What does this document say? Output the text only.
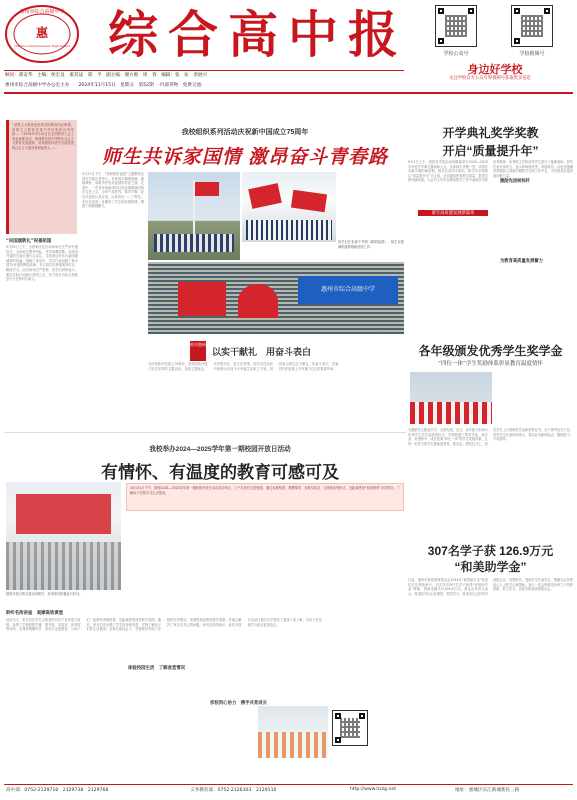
惠
惠州市综合高级中学
Huizhou Comprehensive High School 综合高中报	学校公众号	学校视频号
身边好学校
关注学校官方公众号和视频号获取更多信息
顾问：郑安华　主编：侯宏良　康其法　郑　平　副主编：谢方惠　周　春　编辑：张　坊　余展兴
惠州市综合高级中学办公室主办　　2024年11月15日　星期五　第52期　·内部刊物　免费交流·
“爱国主义教育是世界各国教育的必修课，爱国主义教育也是中华民族的优秀传统……”2018年9月10日在全国教育大会上发表重要讲话，强调要坚持中国特色社会主义教育发展道路，培养德智体美劳全面发展的社会主义建设者和接班人……
“向国旗敬礼”祝福祖国
9月30日上午，全校师生在运动场举行庄严的升旗仪式，全体师生整齐列队，齐声高唱国歌，向冉冉升起的五星红旗行注目礼，共同表达对伟大祖国最诚挚的祝福。国旗下讲话中，学生代表回顾了新中国75年来的辉煌成就，号召同学们珍惜美好时光，勤奋学习。活动现场庄严肃穆，同学们纷纷表示，要以实际行动践行爱国之志，努力成长为担当民族复兴大任的时代新人。
我校组织系列活动庆祝新中国成立75周年
师生共诉家国情 激昂奋斗青春路
9月27日下午，“我和我的祖国”主题歌咏比赛在学校礼堂举行。各班同学精神饱满、激情满怀，用歌声抒发对祖国的热爱之情。比赛中，一首首耳熟能详的红色经典歌曲回荡在礼堂上空，全场气氛热烈，掌声不断。经过评委的认真评选，比赛决出一二三等奖。本次比赛进一步激发了学生的爱国热情，增强了班级凝聚力。
同学们在彩旗下齐唱《歌唱祖国》，师生以饱满的激情唱响爱国之声。
惠州市综合高级中学
相关链接
以实干献礼　用奋斗表白
为庆祝新中国成立75周年，学校组织开展了形式多样的主题活动，包括主题班会、手抄报评比、征文比赛等。同学们在活动中深刻认识到今天幸福生活来之不易，纷纷表示将以实干献礼，用奋斗表白，在新时代的征程上书写属于自己的青春华章。
开学典礼奖学奖教
开启“质量提升年”
谱写高质量发展新篇章
激励先进树标杆
9月1日上午，我校在学校运动场隆重举行2024—2025学年度开学典礼暨表彰大会。全体师生齐聚一堂，共同开启新学期的新征程。校长在讲话中指出，新学年学校将以“质量提升年”为主线，全面提高教育教学质量，推进学校内涵发展。大会对上学年在教育教学工作中表现突出的优秀教师、优秀班主任和优秀学生进行了隆重表彰。获奖代表分别发言，表示将珍惜荣誉，再接再厉，以更加饱满的热情投入到新学期的学习和工作中去，为学校高质量发展贡献力量。
为教育高质量发展蓄力
各年级颁发优秀学生奖学金
“四位一体”学生奖励体系彰显教育温度情怀
为激励学生勤奋学习、全面发展，近日，各年级分别举行优秀学生奖学金颁发仪式。学校构建了集奖学金、助学金、荣誉称号、成长档案“四位一体”的学生奖励体系，让每一位努力的学生都能被看见、被肯定。颁奖仪式上，获奖学生上台领取奖学金和荣誉证书，台下掌声经久不息。获奖学生代表纷纷表示，将以此为新的起点，继续努力，不负韶华。
307名学子获 126.9万元
“和美助学金”
日前，惠州市和美教育基金会2024年“和美助学金”发放仪式在我校举行。本次共有307名学子获得“和美助学金”资助，资助金额共计126.9万元。基金会负责人表示，希望同学们心怀感恩、刻苦学习，将来用自己的所学回报社会、回馈家乡。受助学生代表发言，感谢社会各界爱心人士的关心和帮助，表示一定会珍惜这份来之不易的资助，努力学习，以优异的成绩回报社会。
我校举办2024—2025学年第一期校园开放日活动
有情怀、有温度的教育可感可及
校园开放日的丰富活动吸引，获得家长积极参与好评。
10月31日下午，我校2024—2025学年第一期校园开放日活动成功举办，上千名家长走进校园，通过参观校园、观摩课堂、参观实验室、交流座谈等形式，近距离感受“和美教育”办学理念，了解孩子在校学习生活情况。
聆听名师讲座　观摩高效课堂
活动当天，家长们在学生志愿者的引导下有序进入校园，参观了学校的教学楼、图书馆、实验室、体育馆等场所。在课堂观摩环节，家长们走进教室，与孩子们一起聆听老师授课，近距离感受课堂教学氛围。随后，家长们还参观了学生宿舍和食堂，详细了解孩子们的生活情况。在家长座谈会上，学校领导介绍了学校的办学理念、发展规划及教育教学成果，并耐心解答了家长们关心的问题。家长们纷纷表示，此次开放日活动让他们对学校有了更深入的了解，对孩子在这里学习成长更加放心。
体验校园生活　了解食堂情况
家校同心协力　携手共育成长
高中部：0752-2129718　2129738　2129768	义务教育部：0752-2126303　2129110	http://www.hzzg.net	地址：惠城区东江新城新民三路
